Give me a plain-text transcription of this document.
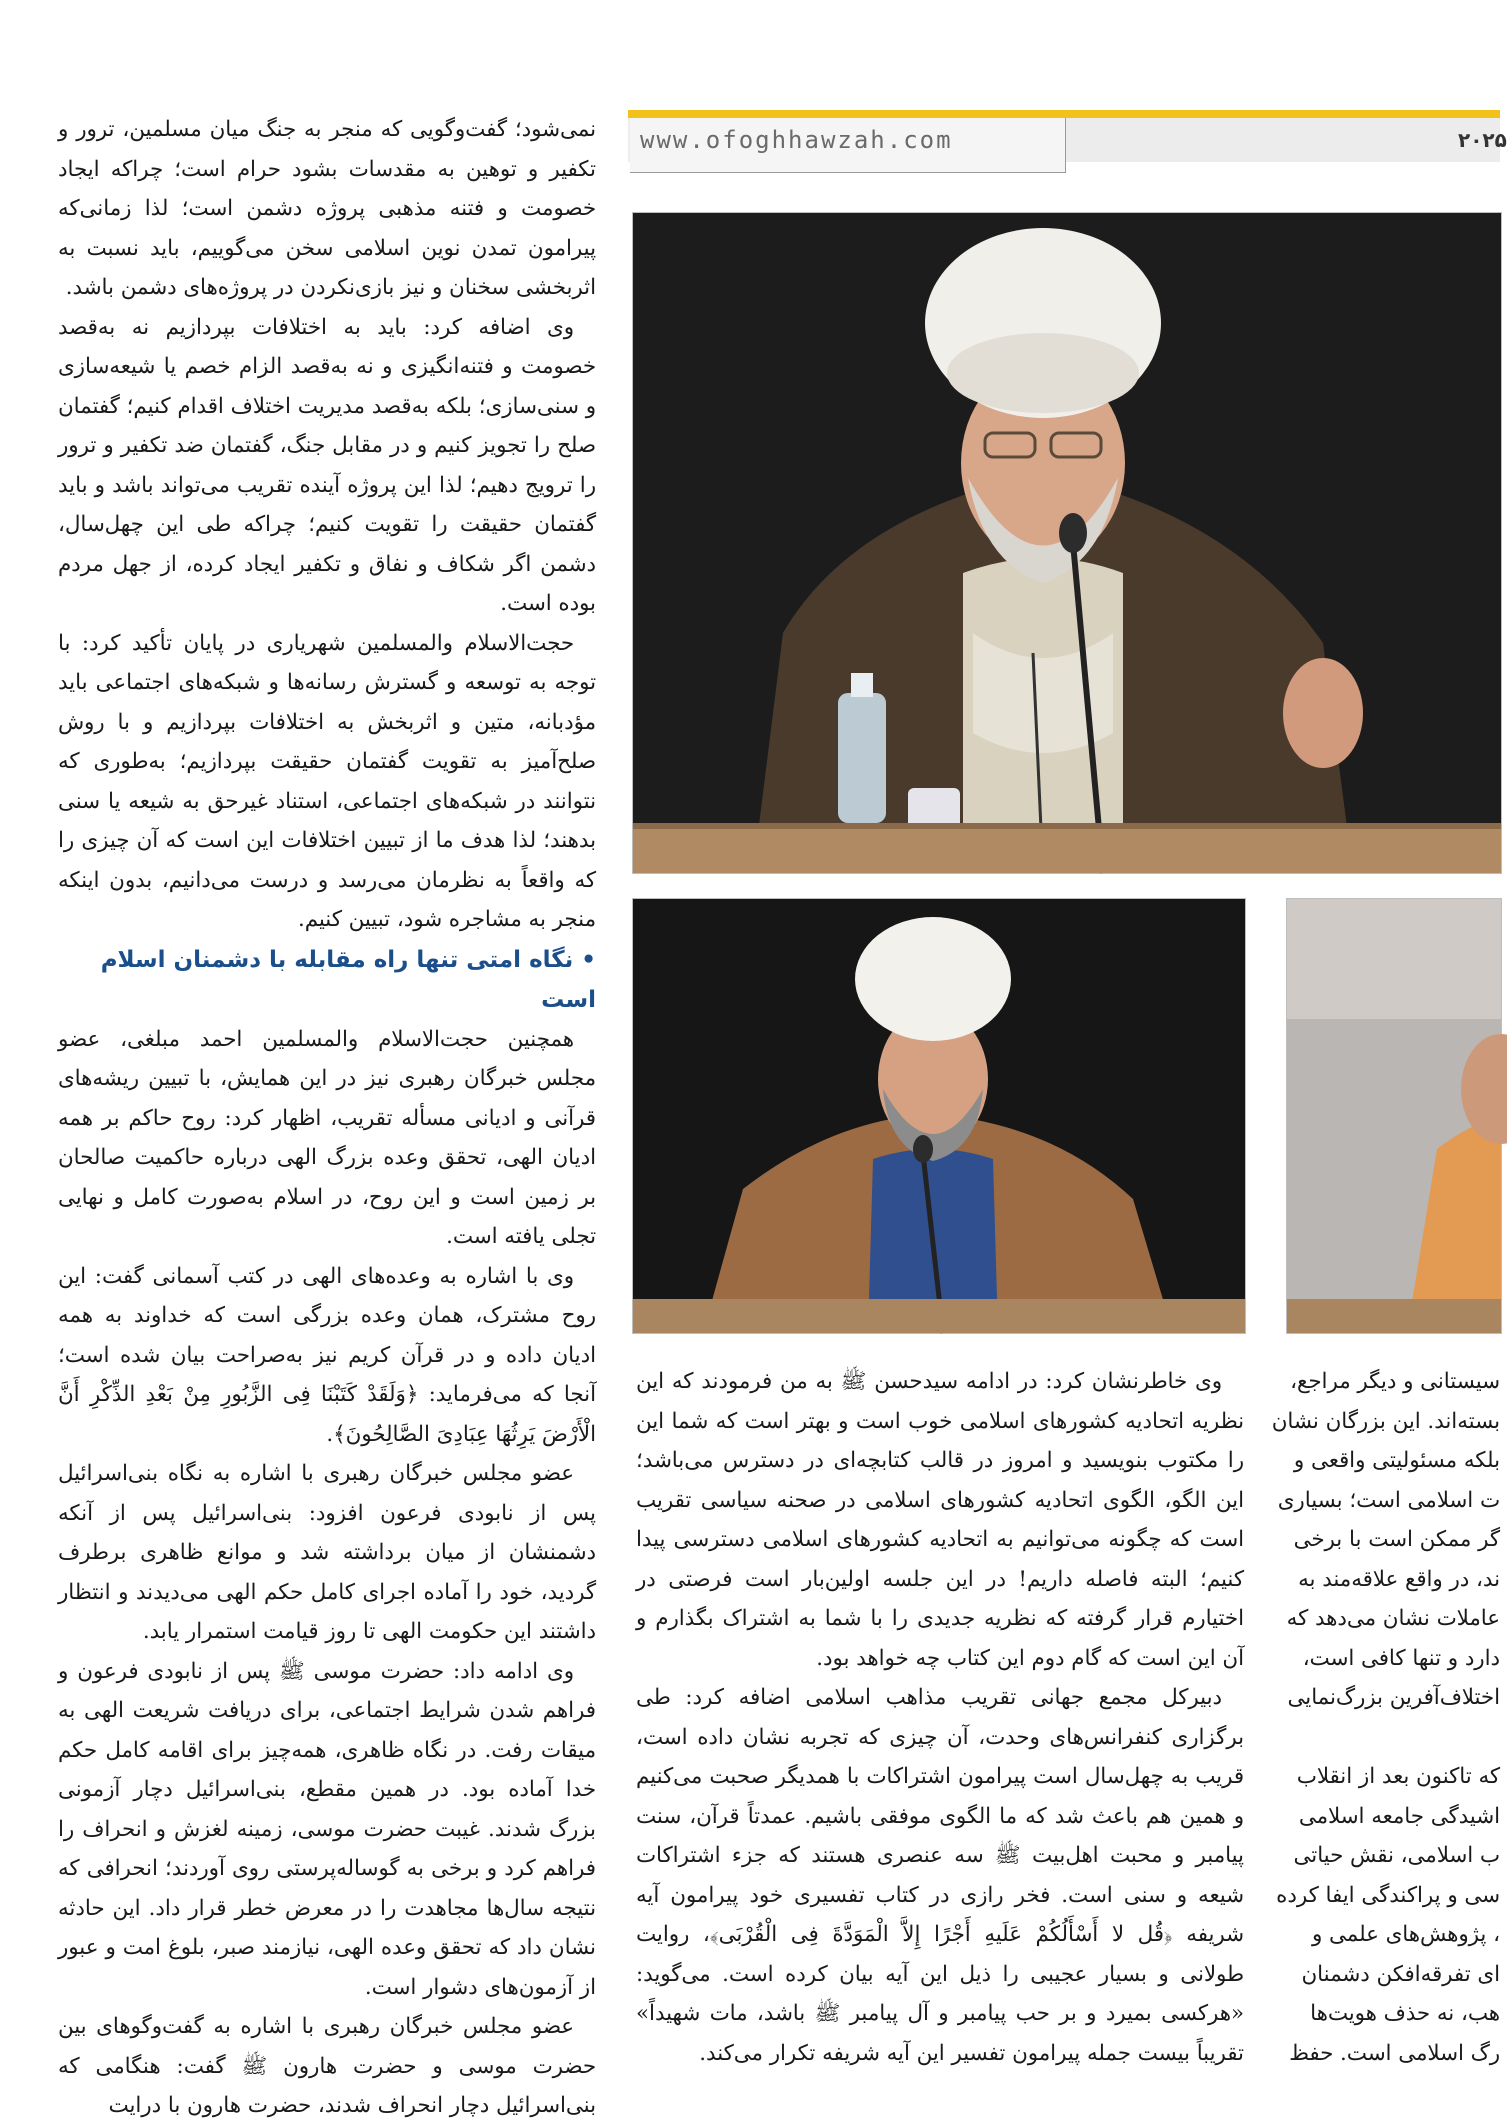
www.ofoghhawzah.com	۲۰۲۵

نمی‌شود؛ گفت‌وگویی که منجر به جنگ میان مسلمین، ترور و تکفیر و توهین به مقدسات بشود حرام است؛ چراکه ایجاد خصومت و فتنه مذهبی پروژه دشمن است؛ لذا زمانی‌که پیرامون تمدن نوین اسلامی سخن می‌گوییم، باید نسبت به اثربخشی سخنان و نیز بازی‌نکردن در پروژه‌های دشمن باشد.

وی اضافه کرد: باید به اختلافات بپردازیم نه به‌قصد خصومت و فتنه‌انگیزی و نه به‌قصد الزام خصم یا شیعه‌سازی و سنی‌سازی؛ بلکه به‌قصد مدیریت اختلاف اقدام کنیم؛ گفتمان صلح را تجویز کنیم و در مقابل جنگ، گفتمان ضد تکفیر و ترور را ترویج دهیم؛ لذا این پروژه آینده تقریب می‌تواند باشد و باید گفتمان حقیقت را تقویت کنیم؛ چراکه طی این چهل‌سال، دشمن اگر شکاف و نفاق و تکفیر ایجاد کرده، از جهل مردم بوده است.

حجت‌الاسلام والمسلمین شهریاری در پایان تأکید کرد: با توجه به توسعه و گسترش رسانه‌ها و شبکه‌های اجتماعی باید مؤدبانه، متین و اثربخش به اختلافات بپردازیم و با روش صلح‌آمیز به تقویت گفتمان حقیقت بپردازیم؛ به‌طوری که نتوانند در شبکه‌های اجتماعی، استناد غیرحق به شیعه یا سنی بدهند؛ لذا هدف ما از تبیین اختلافات این است که آن چیزی را که واقعاً به نظرمان می‌رسد و درست می‌دانیم، بدون اینکه منجر به مشاجره شود، تبیین کنیم.

• نگاه امتی تنها راه مقابله با دشمنان اسلام است

همچنین حجت‌الاسلام والمسلمین احمد مبلغی، عضو مجلس خبرگان رهبری نیز در این همایش، با تبیین ریشه‌های قرآنی و ادیانی مسأله تقریب، اظهار کرد: روح حاکم بر همه ادیان الهی، تحقق وعده بزرگ الهی درباره حاکمیت صالحان بر زمین است و این روح، در اسلام به‌صورت کامل و نهایی تجلی یافته است.

وی با اشاره به وعده‌های الهی در کتب آسمانی گفت: این روح مشترک، همان وعده بزرگی است که خداوند به همه ادیان داده و در قرآن کریم نیز به‌صراحت بیان شده است؛ آنجا که می‌فرماید: ﴿وَلَقَدْ کَتَبْنَا فِی الزَّبُورِ مِنْ بَعْدِ الذِّکْرِ أَنَّ الْأَرْضَ یَرِثُهَا عِبَادِیَ الصَّالِحُونَ﴾.

عضو مجلس خبرگان رهبری با اشاره به نگاه بنی‌اسرائیل پس از نابودی فرعون افزود: بنی‌اسرائیل پس از آنکه دشمنشان از میان برداشته شد و موانع ظاهری برطرف گردید، خود را آماده اجرای کامل حکم الهی می‌دیدند و انتظار داشتند این حکومت الهی تا روز قیامت استمرار یابد.

وی ادامه داد: حضرت موسی ﷺ پس از نابودی فرعون و فراهم شدن شرایط اجتماعی، برای دریافت شریعت الهی به میقات رفت. در نگاه ظاهری، همه‌چیز برای اقامه کامل حکم خدا آماده بود. در همین مقطع، بنی‌اسرائیل دچار آزمونی بزرگ شدند. غیبت حضرت موسی، زمینه لغزش و انحراف را فراهم کرد و برخی به گوساله‌پرستی روی آوردند؛ انحرافی که نتیجه سال‌ها مجاهدت را در معرض خطر قرار داد. این حادثه نشان داد که تحقق وعده الهی، نیازمند صبر، بلوغ امت و عبور از آزمون‌های دشوار است.

عضو مجلس خبرگان رهبری با اشاره به گفت‌وگوهای بین حضرت موسی و حضرت هارون ﷺ گفت: هنگامی که بنی‌اسرائیل دچار انحراف شدند، حضرت هارون با درایت

وی خاطرنشان کرد: در ادامه سیدحسن ﷺ به من فرمودند که این نظریه اتحادیه کشورهای اسلامی خوب است و بهتر است که شما این را مکتوب بنویسید و امروز در قالب کتابچه‌ای در دسترس می‌باشد؛ این الگو، الگوی اتحادیه کشورهای اسلامی در صحنه سیاسی تقریب است که چگونه می‌توانیم به اتحادیه کشورهای اسلامی دسترسی پیدا کنیم؛ البته فاصله داریم! در این جلسه اولین‌بار است فرصتی در اختیارم قرار گرفته که نظریه جدیدی را با شما به اشتراک بگذارم و آن این است که گام دوم این کتاب چه خواهد بود.

دبیرکل مجمع جهانی تقریب مذاهب اسلامی اضافه کرد: طی برگزاری کنفرانس‌های وحدت، آن چیزی که تجربه نشان داده است، قریب به چهل‌سال است پیرامون اشتراکات با همدیگر صحبت می‌کنیم و همین هم باعث شد که ما الگوی موفقی باشیم. عمدتاً قرآن، سنت پیامبر و محبت اهل‌بیت ﷺ سه عنصری هستند که جزء اشتراکات شیعه و سنی است. فخر رازی در کتاب تفسیری خود پیرامون آیه شریفه ﴿قُل لا أَسْأَلُکُمْ عَلَیهِ أَجْرًا إِلاَّ الْمَوَدَّةَ فِی الْقُرْبَی﴾، روایت طولانی و بسیار عجیبی را ذیل این آیه بیان کرده است. می‌گوید: «هرکسی بمیرد و بر حب پیامبر و آل پیامبر ﷺ باشد، مات شهیداً» تقریباً بیست جمله پیرامون تفسیر این آیه شریفه تکرار می‌کند.

سیستانی و دیگر مراجع،

بسته‌اند. این بزرگان نشان

بلکه مسئولیتی واقعی و

ت اسلامی است؛ بسیاری

گر ممکن است با برخی

ند، در واقع علاقه‌مند به

عاملات نشان می‌دهد که

دارد و تنها کافی است،

اختلاف‌آفرین بزرگ‌نمایی

که تاکنون بعد از انقلاب

اشیدگی جامعه اسلامی

ب اسلامی، نقش حیاتی

سی و پراکندگی ایفا کرده

، پژوهش‌های علمی و

ای تفرقه‌افکن دشمنان

هب، نه حذف هویت‌ها

رگ اسلامی است. حفظ
